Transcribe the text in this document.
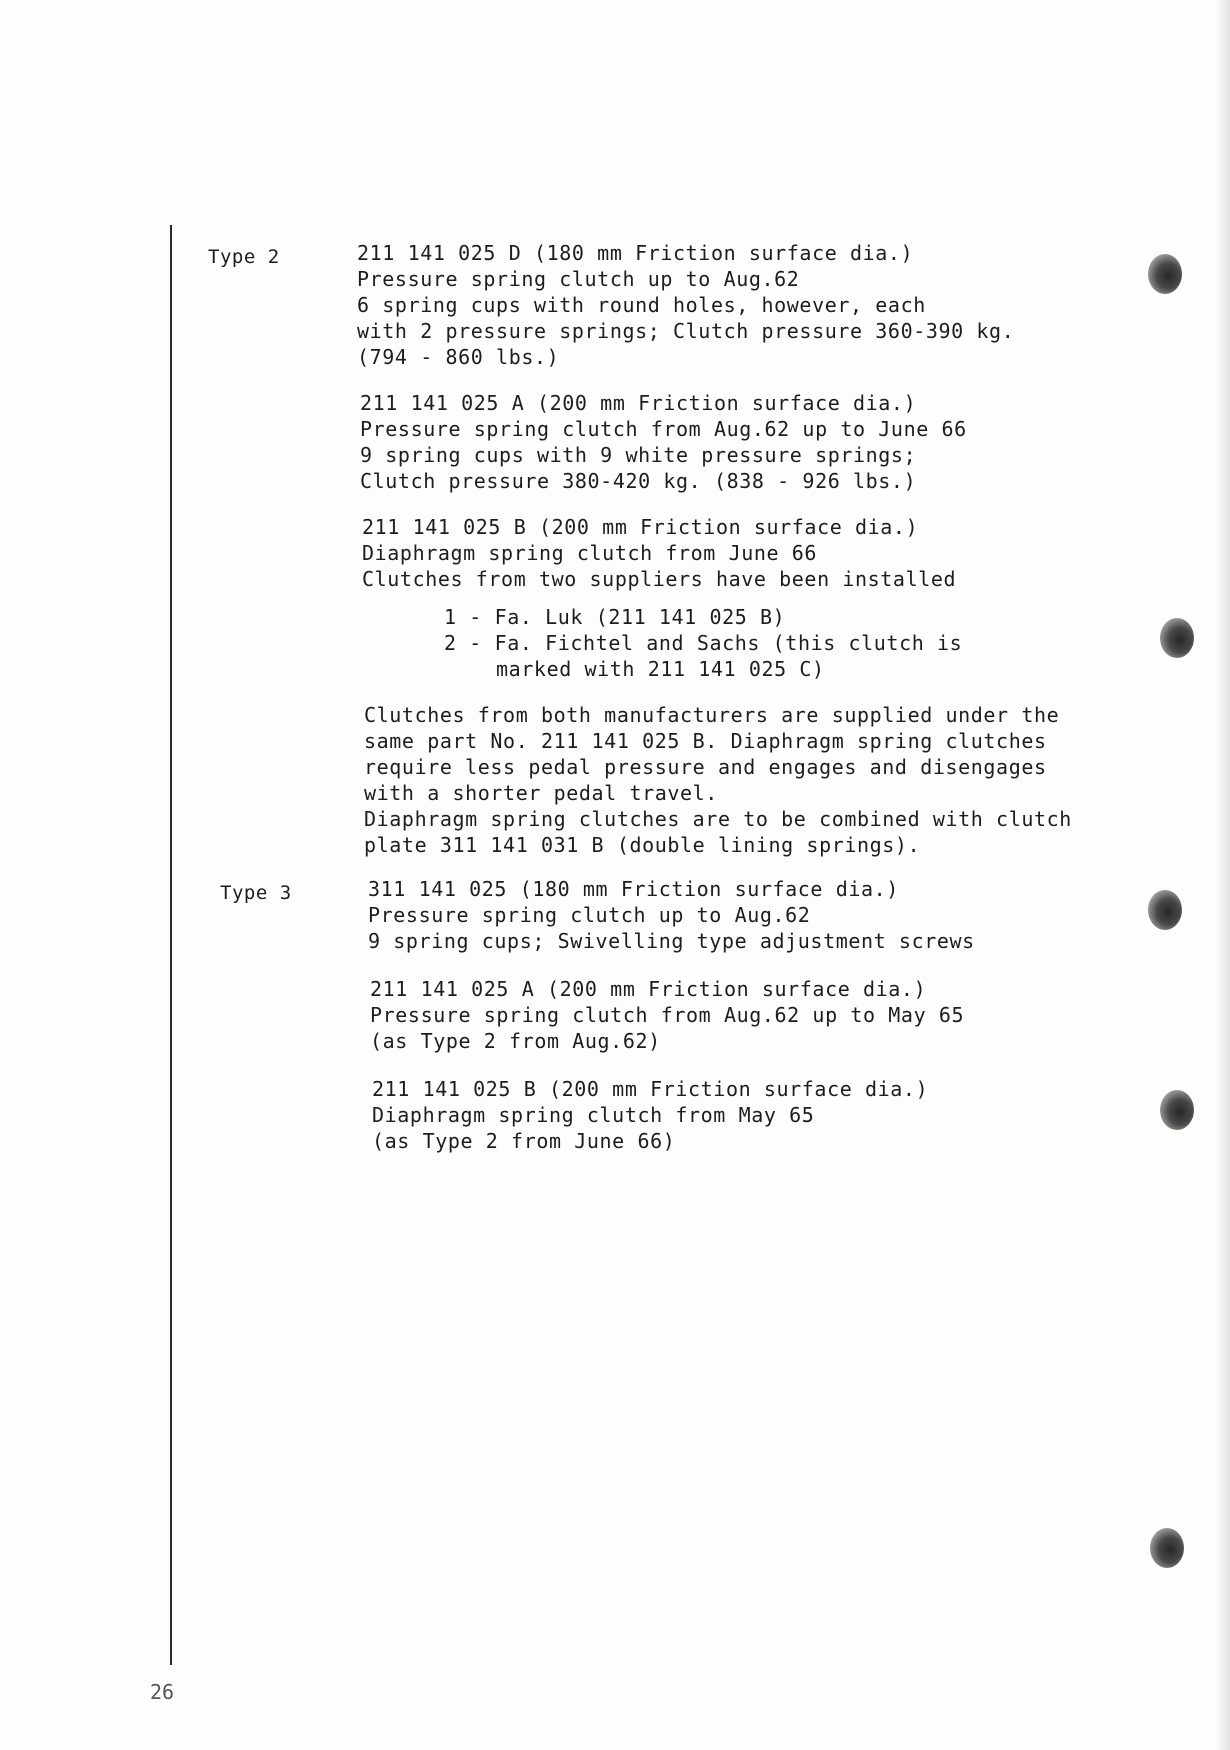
Type 2	211 141 025 D (180 mm Friction surface dia.)
Pressure spring clutch up to Aug.62
6 spring cups with round holes, however, each
with 2 pressure springs; Clutch pressure 360-390 kg.
(794 - 860 lbs.)
211 141 025 A (200 mm Friction surface dia.)
Pressure spring clutch from Aug.62 up to June 66
9 spring cups with 9 white pressure springs;
Clutch pressure 380-420 kg. (838 - 926 lbs.)
211 141 025 B (200 mm Friction surface dia.)
Diaphragm spring clutch from June 66
Clutches from two suppliers have been installed
1 - Fa. Luk (211 141 025 B)
2 - Fa. Fichtel and Sachs (this clutch is
marked with 211 141 025 C)
Clutches from both manufacturers are supplied under the
same part No. 211 141 025 B. Diaphragm spring clutches
require less pedal pressure and engages and disengages
with a shorter pedal travel.
Diaphragm spring clutches are to be combined with clutch
plate 311 141 031 B (double lining springs).
Type 3	311 141 025 (180 mm Friction surface dia.)
Pressure spring clutch up to Aug.62
9 spring cups; Swivelling type adjustment screws
211 141 025 A (200 mm Friction surface dia.)
Pressure spring clutch from Aug.62 up to May 65
(as Type 2 from Aug.62)
211 141 025 B (200 mm Friction surface dia.)
Diaphragm spring clutch from May 65
(as Type 2 from June 66)
26
